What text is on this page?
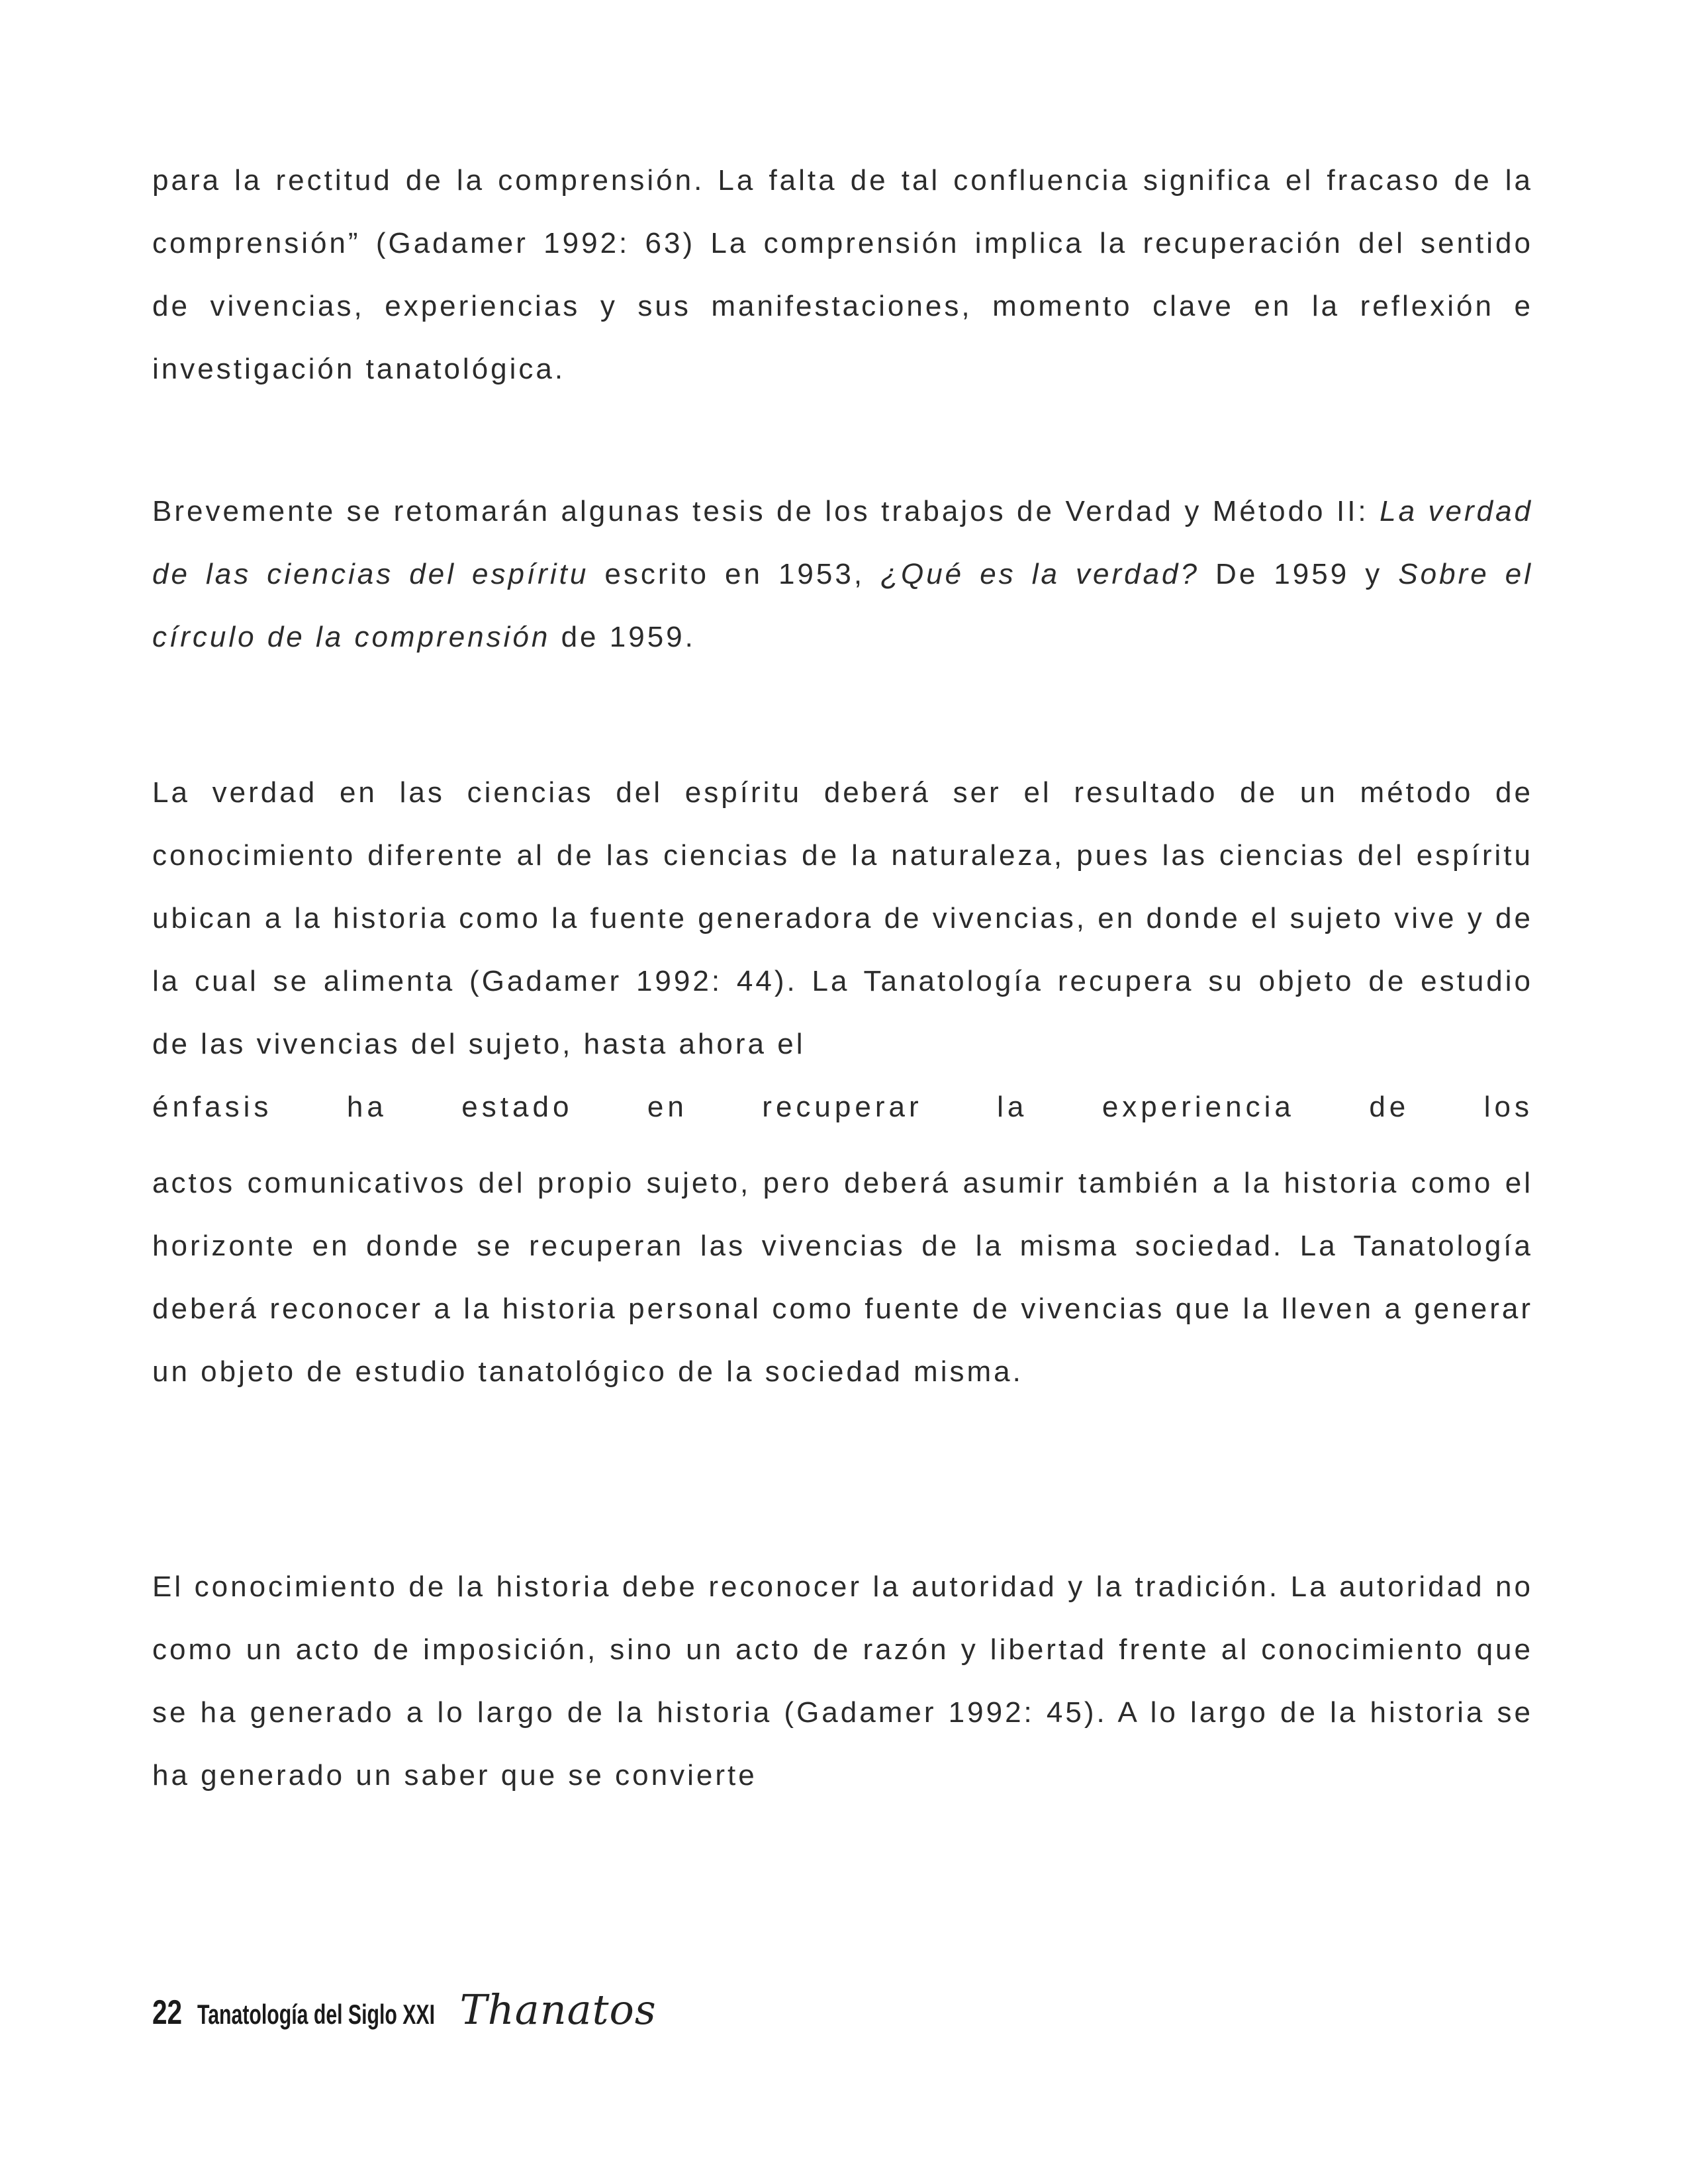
para la rectitud de la comprensión. La falta de tal confluencia significa el fracaso de la comprensión” (Gadamer 1992: 63) La comprensión implica la recuperación del sentido de vivencias, experiencias y sus manifestaciones, momento clave en la reflexión e investigación tanatológica.

Brevemente se retomarán algunas tesis de los trabajos de Verdad y Método II: La verdad de las ciencias del espíritu escrito en 1953, ¿Qué es la verdad? De 1959 y Sobre el círculo de la comprensión de 1959.

La verdad en las ciencias del espíritu deberá ser el resultado de un método de conocimiento diferente al de las ciencias de la naturaleza, pues las ciencias del espíritu ubican a la historia como la fuente generadora de vivencias, en donde el sujeto vive y de la cual se alimenta (Gadamer 1992: 44). La Tanatología recupera su objeto de estudio de las vivencias del sujeto, hasta ahora el

énfasis ha estado en recuperar la experiencia de los

actos comunicativos del propio sujeto, pero deberá asumir también a la historia como el horizonte en donde se recuperan las vivencias de la misma sociedad. La Tanatología deberá reconocer a la historia personal como fuente de vivencias que la lleven a generar un objeto de estudio tanatológico de la sociedad misma.

El conocimiento de la historia debe reconocer la autoridad y la tradición. La autoridad no como un acto de imposición, sino un acto de razón y libertad frente al conocimiento que se ha generado a lo largo de la historia (Gadamer 1992: 45). A lo largo de la historia se ha generado un saber que se convierte

22 Tanatología del Siglo XXI Thanatos
